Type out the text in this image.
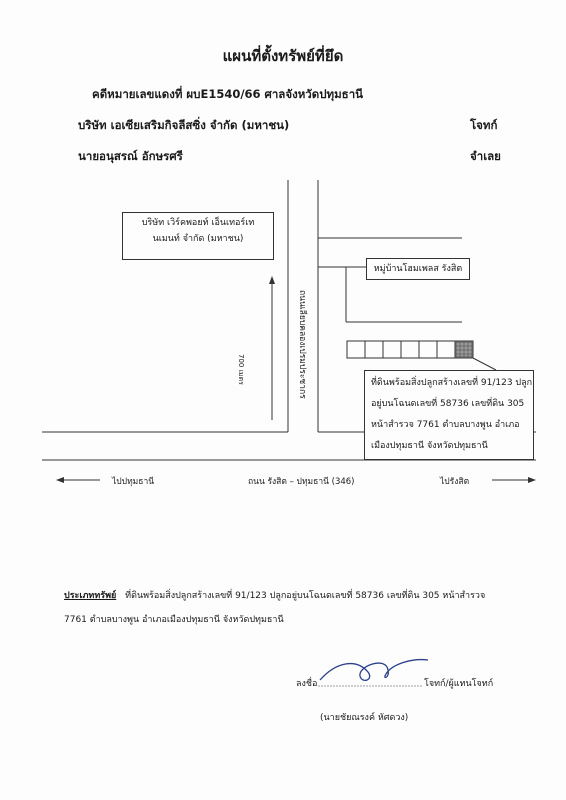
แผนที่ตั้งทรัพย์ที่ยึด
คดีหมายเลขแดงที่ ผบE1540/66 ศาลจังหวัดปทุมธานี
บริษัท เอเซียเสริมกิจลีสซิ่ง จำกัด (มหาชน)	โจทก์
นายอนุสรณ์ อักษรศรี	จำเลย
บริษัท เวิร์คพอยท์ เอ็นเทอร์เท
นเมนท์ จำกัด (มหาชน)
หมู่บ้านโฮมเพลส รังสิต
ที่ดินพร้อมสิ่งปลูกสร้างเลขที่ 91/123 ปลูก
อยู่บนโฉนดเลขที่ 58736 เลขที่ดิน 305
หน้าสำรวจ 7761 ตำบลบางพูน อำเภอ
เมืองปทุมธานี จังหวัดปทุมธานี
700 เมตร	ถนนเลียบคลองเปรมประชากร
ถนน รังสิต – ปทุมธานี (346)
ไปปทุมธานี	ไปรังสิต
ประเภททรัพย์ ที่ดินพร้อมสิ่งปลูกสร้างเลขที่ 91/123 ปลูกอยู่บนโฉนดเลขที่ 58736 เลขที่ดิน 305 หน้าสำรวจ
7761 ตำบลบางพูน อำเภอเมืองปทุมธานี จังหวัดปทุมธานี
ลงชื่อ	โจทก์/ผู้แทนโจทก์
(นายชัยณรงค์ หัศดวง)
